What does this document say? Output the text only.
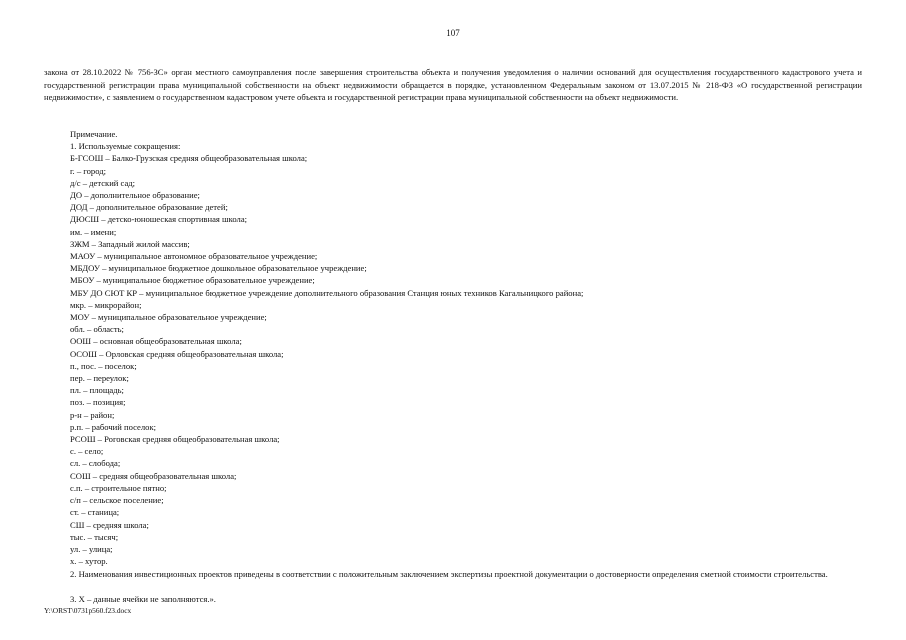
107
закона от 28.10.2022 № 756-ЗС» орган местного самоуправления после завершения строительства объекта и получения уведомления о наличии оснований для осуществления государственного кадастрового учета и государственной регистрации права муниципальной собственности на объект недвижимости обращается в порядке, установленном Федеральным законом от 13.07.2015 № 218-ФЗ «О государственной регистрации недвижимости», с заявлением о государственном кадастровом учете объекта и государственной регистрации права муниципальной собственности на объект недвижимости.
Примечание.
1. Используемые сокращения:
Б-ГСОШ – Балко-Грузская средняя общеобразовательная школа;
г. – город;
д/с – детский сад;
ДО – дополнительное образование;
ДОД – дополнительное образование детей;
ДЮСШ – детско-юношеская спортивная школа;
им. – имени;
ЗЖМ – Западный жилой массив;
МАОУ – муниципальное автономное образовательное учреждение;
МБДОУ – муниципальное бюджетное дошкольное образовательное учреждение;
МБОУ – муниципальное бюджетное образовательное учреждение;
МБУ ДО СЮТ КР – муниципальное бюджетное учреждение дополнительного образования Станция юных техников Кагальницкого района;
мкр. – микрорайон;
МОУ – муниципальное образовательное учреждение;
обл. – область;
ООШ – основная общеобразовательная школа;
ОСОШ – Орловская средняя общеобразовательная школа;
п., пос. – поселок;
пер. – переулок;
пл. – площадь;
поз. – позиция;
р-н – район;
р.п. – рабочий поселок;
РСОШ – Роговская средняя общеобразовательная школа;
с. – село;
сл. – слобода;
СОШ – средняя общеобразовательная школа;
с.п. – строительное пятно;
с/п – сельское поселение;
ст. – станица;
СШ – средняя школа;
тыс. – тысяч;
ул. – улица;
х. – хутор.
2. Наименования инвестиционных проектов приведены в соответствии с положительным заключением экспертизы проектной документации о достоверности определения сметной стоимости строительства.
3. Х – данные ячейки не заполняются.».
Y:\ORST\0731p560.f23.docx
